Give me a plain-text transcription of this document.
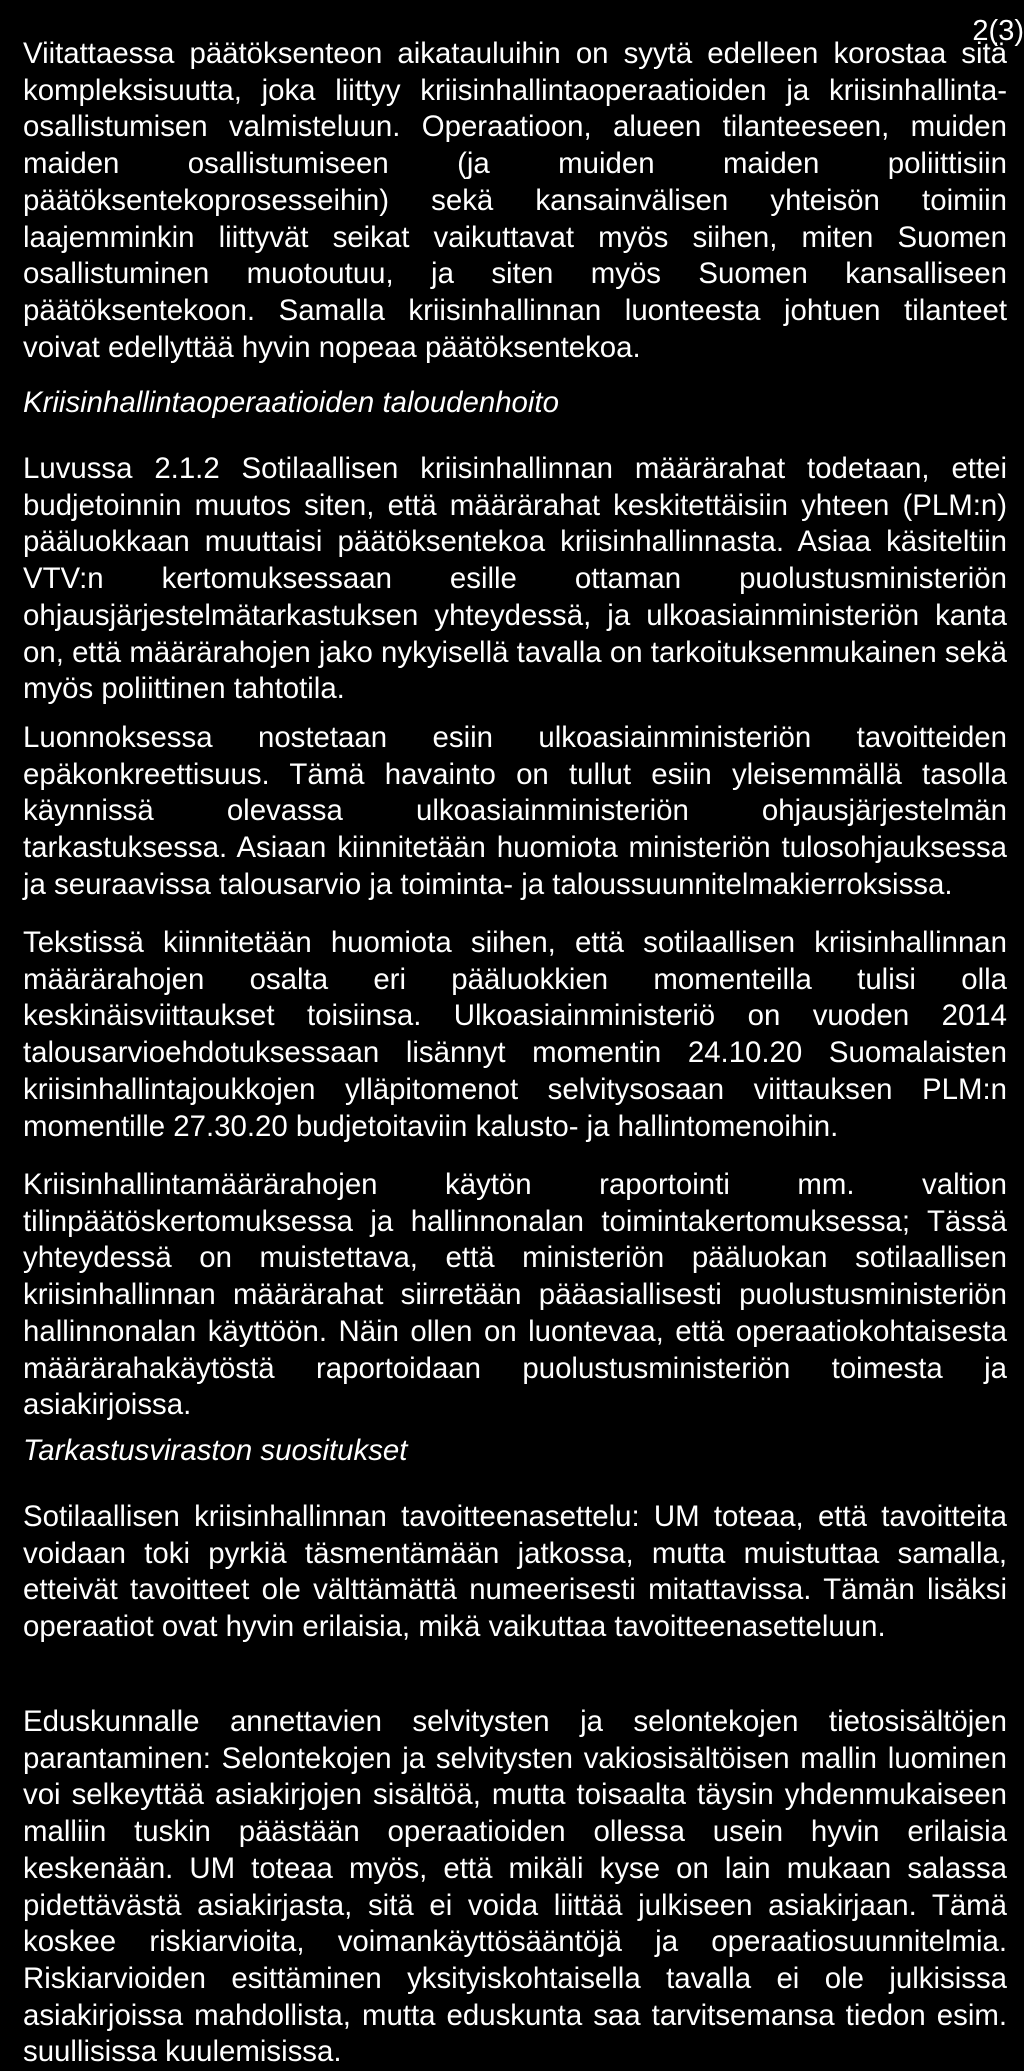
2(3)

Viitattaessa päätöksenteon aikatauluihin on syytä edelleen korostaa sitä kompleksisuutta, joka liittyy kriisinhallintaoperaatioiden ja kriisinhallinta-osallistumisen valmisteluun. Operaatioon, alueen tilanteeseen, muiden maiden osallistumiseen (ja muiden maiden poliittisiin päätöksentekoprosesseihin) sekä kansainvälisen yhteisön toimiin laajemminkin liittyvät seikat vaikuttavat myös siihen, miten Suomen osallistuminen muotoutuu, ja siten myös Suomen kansalliseen päätöksentekoon. Samalla kriisinhallinnan luonteesta johtuen tilanteet voivat edellyttää hyvin nopeaa päätöksentekoa.

Kriisinhallintaoperaatioiden taloudenhoito

Luvussa 2.1.2 Sotilaallisen kriisinhallinnan määrärahat todetaan, ettei budjetoinnin muutos siten, että määrärahat keskitettäisiin yhteen (PLM:n) pääluokkaan muuttaisi päätöksentekoa kriisinhallinnasta. Asiaa käsiteltiin VTV:n kertomuksessaan esille ottaman puolustusministeriön ohjausjärjestelmätarkastuksen yhteydessä, ja ulkoasiainministeriön kanta on, että määrärahojen jako nykyisellä tavalla on tarkoituksenmukainen sekä myös poliittinen tahtotila.

Luonnoksessa nostetaan esiin ulkoasiainministeriön tavoitteiden epäkonkreettisuus. Tämä havainto on tullut esiin yleisemmällä tasolla käynnissä olevassa ulkoasiainministeriön ohjausjärjestelmän tarkastuksessa. Asiaan kiinnitetään huomiota ministeriön tulosohjauksessa ja seuraavissa talousarvio ja toiminta- ja taloussuunnitelmakierroksissa.

Tekstissä kiinnitetään huomiota siihen, että sotilaallisen kriisinhallinnan määrärahojen osalta eri pääluokkien momenteilla tulisi olla keskinäisviittaukset toisiinsa. Ulkoasiainministeriö on vuoden 2014 talousarvioehdotuksessaan lisännyt momentin 24.10.20 Suomalaisten kriisinhallintajoukkojen ylläpitomenot selvitysosaan viittauksen PLM:n momentille 27.30.20 budjetoitaviin kalusto- ja hallintomenoihin.

Kriisinhallintamäärärahojen käytön raportointi mm. valtion tilinpäätöskertomuksessa ja hallinnonalan toimintakertomuksessa; Tässä yhteydessä on muistettava, että ministeriön pääluokan sotilaallisen kriisinhallinnan määrärahat siirretään pääasiallisesti puolustusministeriön hallinnonalan käyttöön. Näin ollen on luontevaa, että operaatiokohtaisesta määrärahakäytöstä raportoidaan puolustusministeriön toimesta ja asiakirjoissa.

Tarkastusviraston suositukset

Sotilaallisen kriisinhallinnan tavoitteenasettelu: UM toteaa, että tavoitteita voidaan toki pyrkiä täsmentämään jatkossa, mutta muistuttaa samalla, etteivät tavoitteet ole välttämättä numeerisesti mitattavissa. Tämän lisäksi operaatiot ovat hyvin erilaisia, mikä vaikuttaa tavoitteenasetteluun.

Eduskunnalle annettavien selvitysten ja selontekojen tietosisältöjen parantaminen: Selontekojen ja selvitysten vakiosisältöisen mallin luominen voi selkeyttää asiakirjojen sisältöä, mutta toisaalta täysin yhdenmukaiseen malliin tuskin päästään operaatioiden ollessa usein hyvin erilaisia keskenään. UM toteaa myös, että mikäli kyse on lain mukaan salassa pidettävästä asiakirjasta, sitä ei voida liittää julkiseen asiakirjaan. Tämä koskee riskiarvioita, voimankäyttösääntöjä ja operaatiosuunnitelmia. Riskiarvioiden esittäminen yksityiskohtaisella tavalla ei ole julkisissa asiakirjoissa mahdollista, mutta eduskunta saa tarvitsemansa tiedon esim. suullisissa kuulemisissa.
